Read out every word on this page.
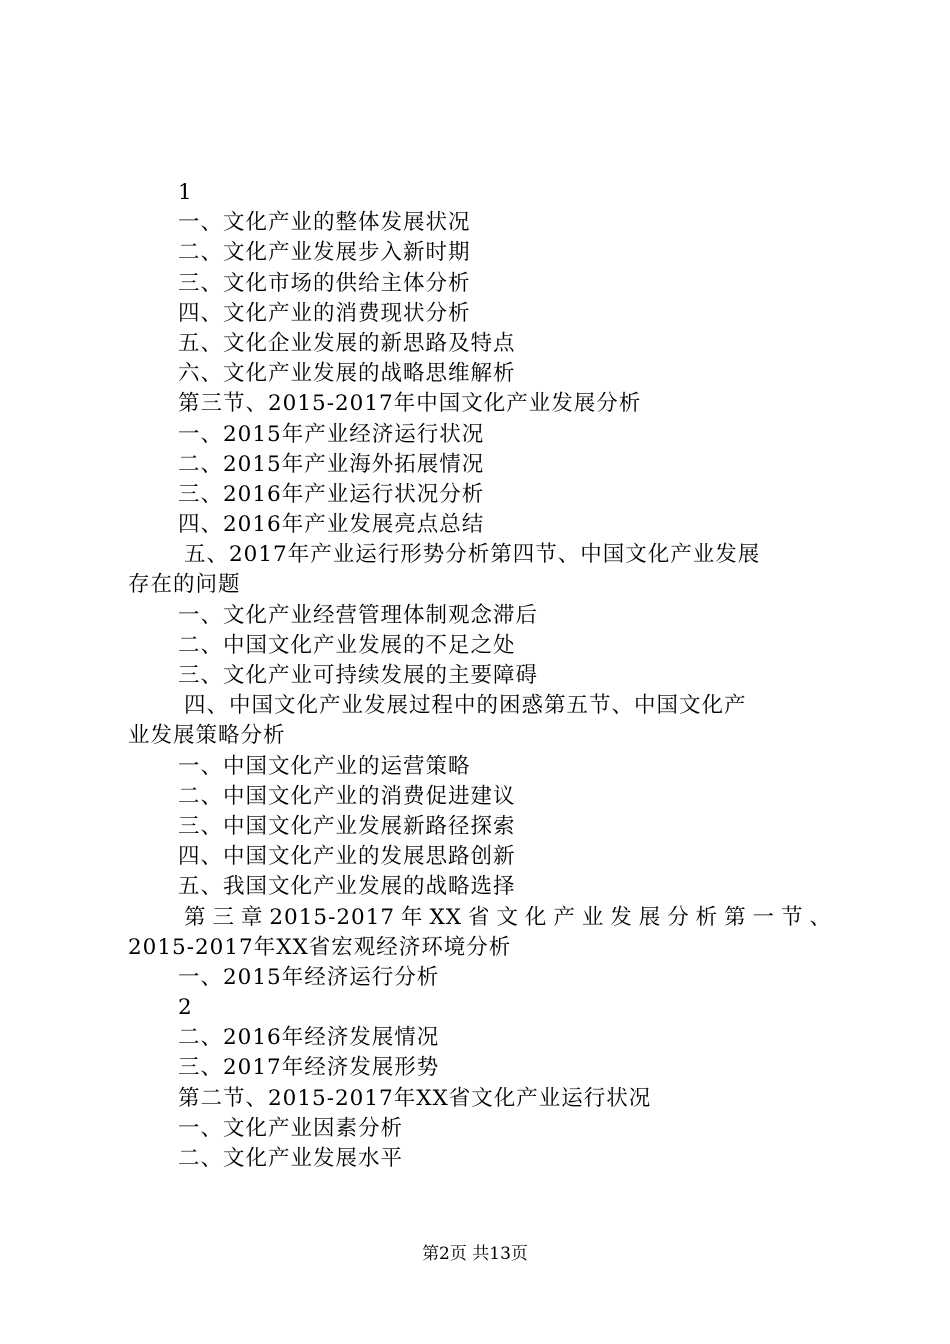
1
一、文化产业的整体发展状况
二、文化产业发展步入新时期
三、文化市场的供给主体分析
四、文化产业的消费现状分析
五、文化企业发展的新思路及特点
六、文化产业发展的战略思维解析
第三节、2015-2017年中国文化产业发展分析
一、2015年产业经济运行状况
二、2015年产业海外拓展情况
三、2016年产业运行状况分析
四、2016年产业发展亮点总结
五、2017年产业运行形势分析第四节、中国文化产业发展
存在的问题
一、文化产业经营管理体制观念滞后
二、中国文化产业发展的不足之处
三、文化产业可持续发展的主要障碍
四、中国文化产业发展过程中的困惑第五节、中国文化产
业发展策略分析
一、中国文化产业的运营策略
二、中国文化产业的消费促进建议
三、中国文化产业发展新路径探索
四、中国文化产业的发展思路创新
五、我国文化产业发展的战略选择
第 三 章 2015-2017 年 XX 省 文 化 产 业 发 展 分 析 第 一 节 、
2015-2017年XX省宏观经济环境分析
一、2015年经济运行分析
2
二、2016年经济发展情况
三、2017年经济发展形势
第二节、2015-2017年XX省文化产业运行状况
一、文化产业因素分析
二、文化产业发展水平
第2页 共13页
